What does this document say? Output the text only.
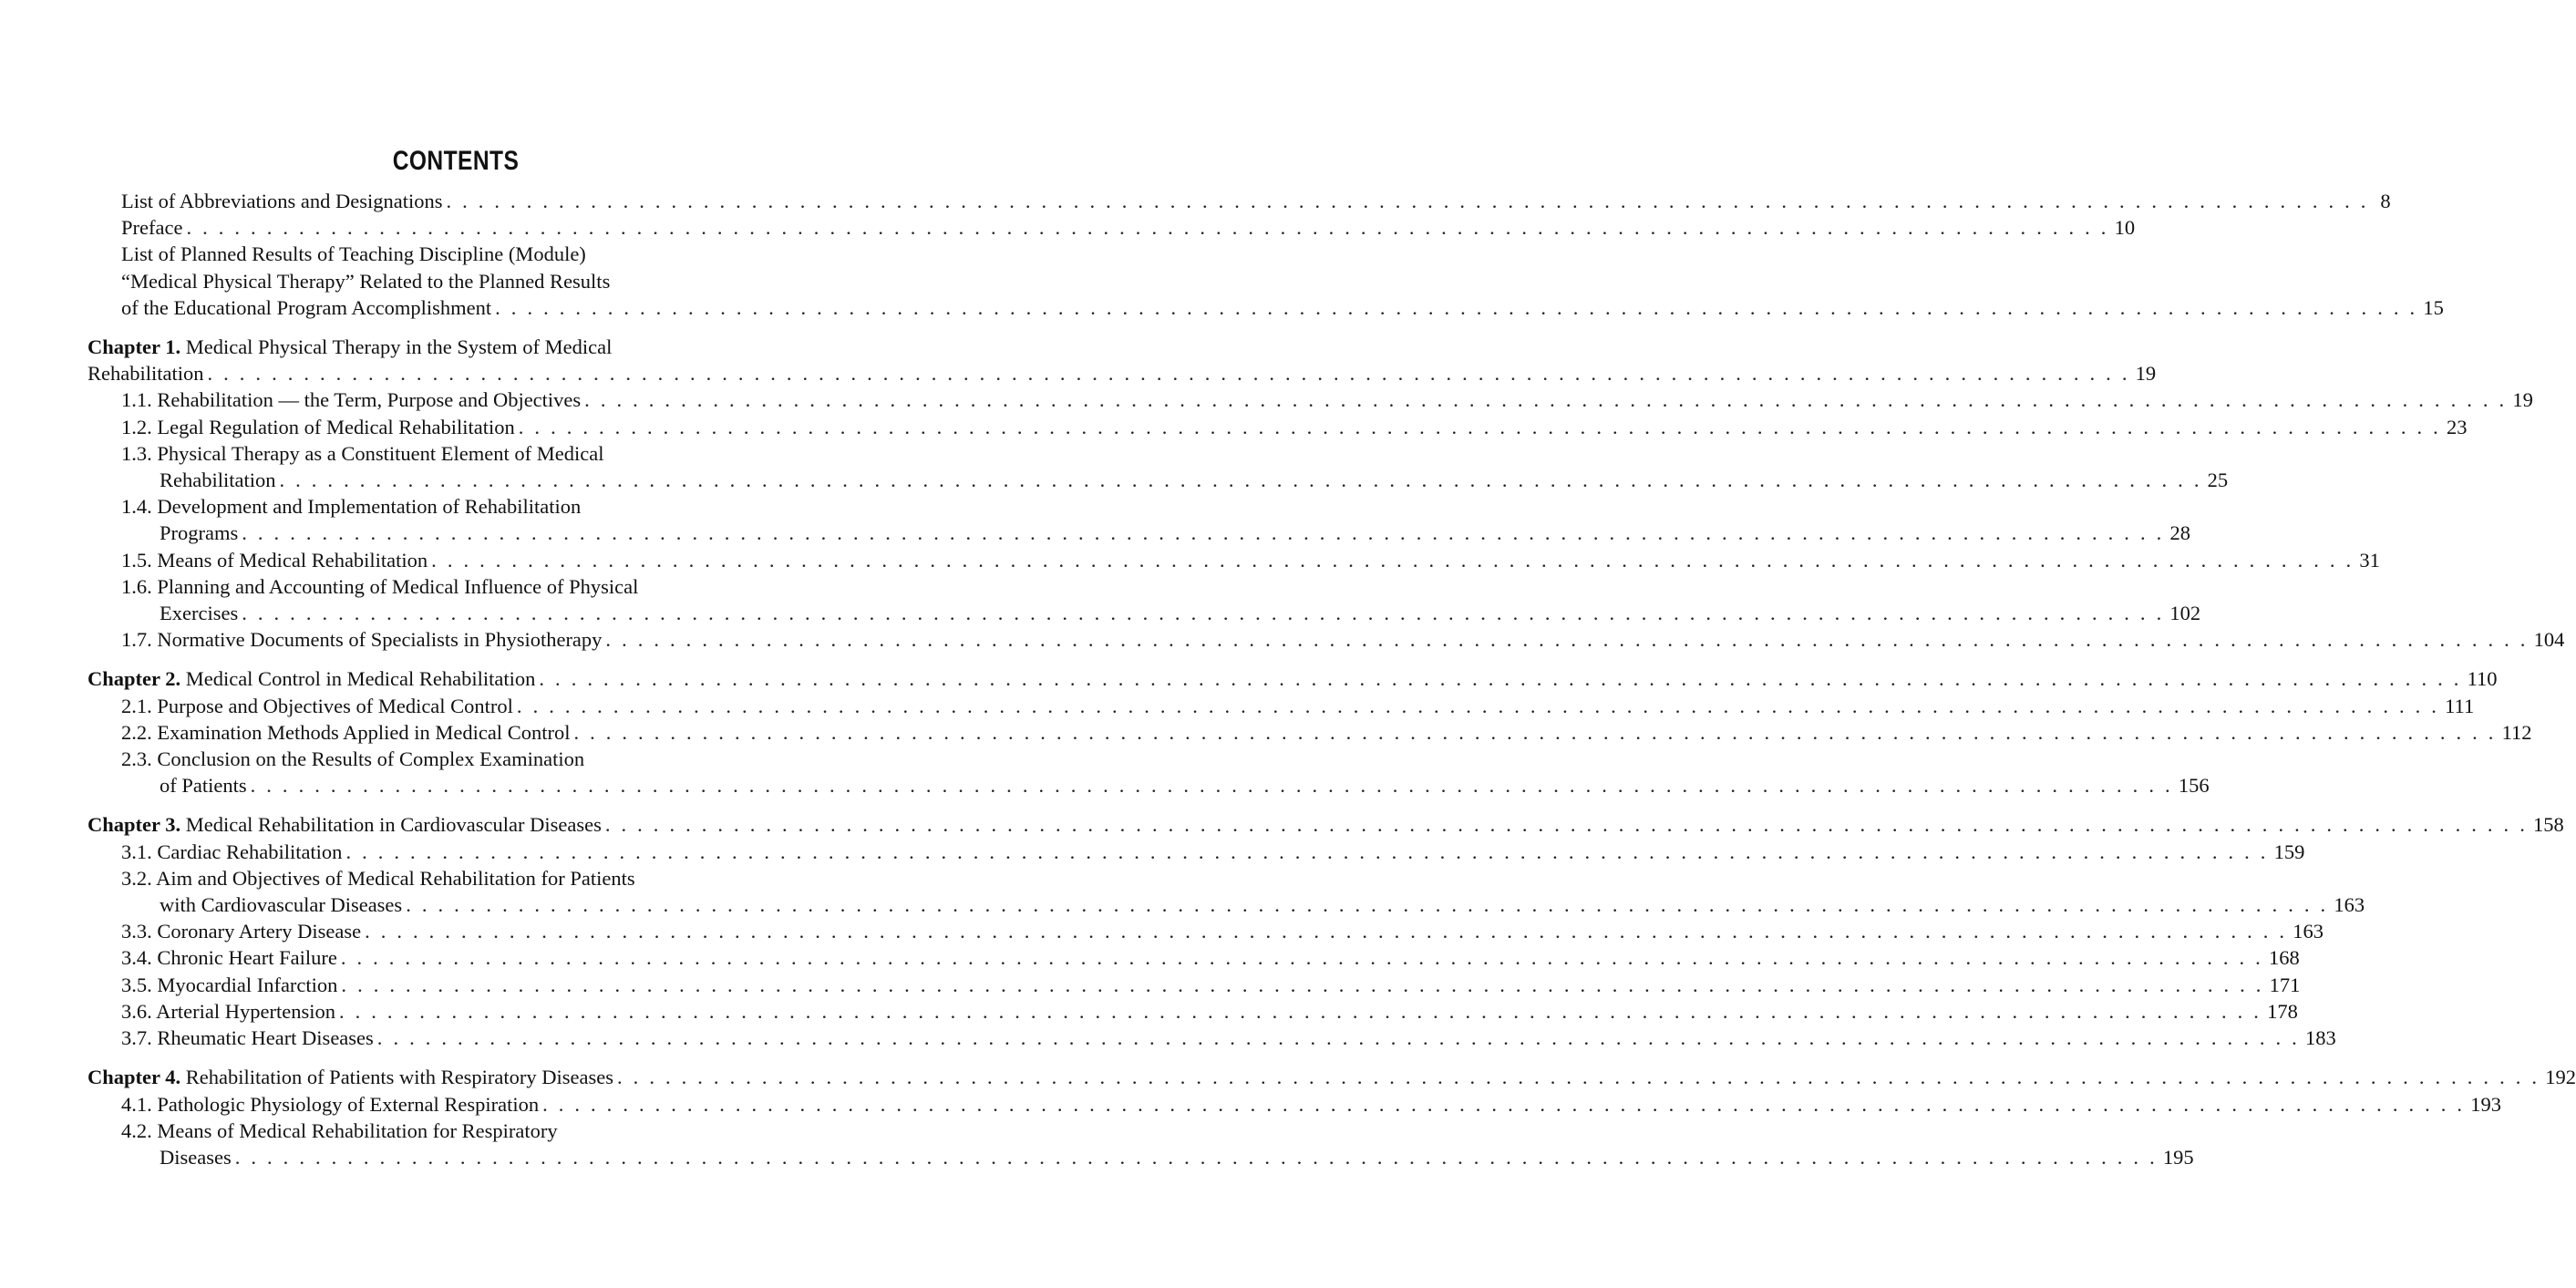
CONTENTS
List of Abbreviations and Designations . . . . . . . . . . . . . . . . . . . . . . . . . . . . . . . . . . . . . . . . . . . . . . . . . . . . . . . . . . . . . . . . . . . . . . . . . . . . . . . . . . . . . . . . . . . . . . . . . . . . . . . . . . . . . . . . . . . . . . . . 8
Preface . . . . . . . . . . . . . . . . . . . . . . . . . . . . . . . . . . . . . . . . . . . . . . . . . . . . . . . . . . . . . . . . . . . . . . . . . . . . . . . . . . . . . . . . . . . . . . . . . . . . . . . . . . . . . . . . . . . . . . . . 10
List of Planned Results of Teaching Discipline (Module)
“Medical Physical Therapy” Related to the Planned Results
of the Educational Program Accomplishment . . . . . . . . . . . . . . . . . . . . . . . . . . . . . . . . . . . . . . . . . . . . . . . . . . . . . . . . . . . . . . . . . . . . . . . . . . . . . . . . . . . . . . . . . . . . . . . . . . . . . . . . . . . . . . . . . . . . . . . . 15
Chapter 1. Medical Physical Therapy in the System of Medical
Rehabilitation . . . . . . . . . . . . . . . . . . . . . . . . . . . . . . . . . . . . . . . . . . . . . . . . . . . . . . . . . . . . . . . . . . . . . . . . . . . . . . . . . . . . . . . . . . . . . . . . . . . . . . . . . . . . . . . . . . . . . . . . 19
1.1. Rehabilitation — the Term, Purpose and Objectives . . . . . . . . . . . . . . . . . . . . . . . . . . . . . . . . . . . . . . . . . . . . . . . . . . . . . . . . . . . . . . . . . . . . . . . . . . . . . . . . . . . . . . . . . . . . . . . . . . . . . . . . . . . . . . . . . . . . . . . . 19
1.2. Legal Regulation of Medical Rehabilitation . . . . . . . . . . . . . . . . . . . . . . . . . . . . . . . . . . . . . . . . . . . . . . . . . . . . . . . . . . . . . . . . . . . . . . . . . . . . . . . . . . . . . . . . . . . . . . . . . . . . . . . . . . . . . . . . . . . . . . . . 23
1.3. Physical Therapy as a Constituent Element of Medical
Rehabilitation . . . . . . . . . . . . . . . . . . . . . . . . . . . . . . . . . . . . . . . . . . . . . . . . . . . . . . . . . . . . . . . . . . . . . . . . . . . . . . . . . . . . . . . . . . . . . . . . . . . . . . . . . . . . . . . . . . . . . . . . 25
1.4. Development and Implementation of Rehabilitation
Programs . . . . . . . . . . . . . . . . . . . . . . . . . . . . . . . . . . . . . . . . . . . . . . . . . . . . . . . . . . . . . . . . . . . . . . . . . . . . . . . . . . . . . . . . . . . . . . . . . . . . . . . . . . . . . . . . . . . . . . . . 28
1.5. Means of Medical Rehabilitation . . . . . . . . . . . . . . . . . . . . . . . . . . . . . . . . . . . . . . . . . . . . . . . . . . . . . . . . . . . . . . . . . . . . . . . . . . . . . . . . . . . . . . . . . . . . . . . . . . . . . . . . . . . . . . . . . . . . . . . . 31
1.6. Planning and Accounting of Medical Influence of Physical
Exercises . . . . . . . . . . . . . . . . . . . . . . . . . . . . . . . . . . . . . . . . . . . . . . . . . . . . . . . . . . . . . . . . . . . . . . . . . . . . . . . . . . . . . . . . . . . . . . . . . . . . . . . . . . . . . . . . . . . . . . . . 102
1.7. Normative Documents of Specialists in Physiotherapy . . . . . . . . . . . . . . . . . . . . . . . . . . . . . . . . . . . . . . . . . . . . . . . . . . . . . . . . . . . . . . . . . . . . . . . . . . . . . . . . . . . . . . . . . . . . . . . . . . . . . . . . . . . . . . . . . . . . . . . . 104
Chapter 2. Medical Control in Medical Rehabilitation . . . . . . . . . . . . . . . . . . . . . . . . . . . . . . . . . . . . . . . . . . . . . . . . . . . . . . . . . . . . . . . . . . . . . . . . . . . . . . . . . . . . . . . . . . . . . . . . . . . . . . . . . . . . . . . . . . . . . . . . 110
2.1. Purpose and Objectives of Medical Control . . . . . . . . . . . . . . . . . . . . . . . . . . . . . . . . . . . . . . . . . . . . . . . . . . . . . . . . . . . . . . . . . . . . . . . . . . . . . . . . . . . . . . . . . . . . . . . . . . . . . . . . . . . . . . . . . . . . . . . . 111
2.2. Examination Methods Applied in Medical Control . . . . . . . . . . . . . . . . . . . . . . . . . . . . . . . . . . . . . . . . . . . . . . . . . . . . . . . . . . . . . . . . . . . . . . . . . . . . . . . . . . . . . . . . . . . . . . . . . . . . . . . . . . . . . . . . . . . . . . . . 112
2.3. Conclusion on the Results of Complex Examination
of Patients . . . . . . . . . . . . . . . . . . . . . . . . . . . . . . . . . . . . . . . . . . . . . . . . . . . . . . . . . . . . . . . . . . . . . . . . . . . . . . . . . . . . . . . . . . . . . . . . . . . . . . . . . . . . . . . . . . . . . . . . 156
Chapter 3. Medical Rehabilitation in Cardiovascular Diseases . . . . . . . . . . . . . . . . . . . . . . . . . . . . . . . . . . . . . . . . . . . . . . . . . . . . . . . . . . . . . . . . . . . . . . . . . . . . . . . . . . . . . . . . . . . . . . . . . . . . . . . . . . . . . . . . . . . . . . . . 158
3.1. Cardiac Rehabilitation . . . . . . . . . . . . . . . . . . . . . . . . . . . . . . . . . . . . . . . . . . . . . . . . . . . . . . . . . . . . . . . . . . . . . . . . . . . . . . . . . . . . . . . . . . . . . . . . . . . . . . . . . . . . . . . . . . . . . . . . 159
3.2. Aim and Objectives of Medical Rehabilitation for Patients
with Cardiovascular Diseases . . . . . . . . . . . . . . . . . . . . . . . . . . . . . . . . . . . . . . . . . . . . . . . . . . . . . . . . . . . . . . . . . . . . . . . . . . . . . . . . . . . . . . . . . . . . . . . . . . . . . . . . . . . . . . . . . . . . . . . . 163
3.3. Coronary Artery Disease . . . . . . . . . . . . . . . . . . . . . . . . . . . . . . . . . . . . . . . . . . . . . . . . . . . . . . . . . . . . . . . . . . . . . . . . . . . . . . . . . . . . . . . . . . . . . . . . . . . . . . . . . . . . . . . . . . . . . . . . 163
3.4. Chronic Heart Failure . . . . . . . . . . . . . . . . . . . . . . . . . . . . . . . . . . . . . . . . . . . . . . . . . . . . . . . . . . . . . . . . . . . . . . . . . . . . . . . . . . . . . . . . . . . . . . . . . . . . . . . . . . . . . . . . . . . . . . . . 168
3.5. Myocardial Infarction . . . . . . . . . . . . . . . . . . . . . . . . . . . . . . . . . . . . . . . . . . . . . . . . . . . . . . . . . . . . . . . . . . . . . . . . . . . . . . . . . . . . . . . . . . . . . . . . . . . . . . . . . . . . . . . . . . . . . . . . 171
3.6. Arterial Hypertension . . . . . . . . . . . . . . . . . . . . . . . . . . . . . . . . . . . . . . . . . . . . . . . . . . . . . . . . . . . . . . . . . . . . . . . . . . . . . . . . . . . . . . . . . . . . . . . . . . . . . . . . . . . . . . . . . . . . . . . . 178
3.7. Rheumatic Heart Diseases . . . . . . . . . . . . . . . . . . . . . . . . . . . . . . . . . . . . . . . . . . . . . . . . . . . . . . . . . . . . . . . . . . . . . . . . . . . . . . . . . . . . . . . . . . . . . . . . . . . . . . . . . . . . . . . . . . . . . . . . 183
Chapter 4. Rehabilitation of Patients with Respiratory Diseases . . . . . . . . . . . . . . . . . . . . . . . . . . . . . . . . . . . . . . . . . . . . . . . . . . . . . . . . . . . . . . . . . . . . . . . . . . . . . . . . . . . . . . . . . . . . . . . . . . . . . . . . . . . . . . . . . . . . . . . . 192
4.1. Pathologic Physiology of External Respiration . . . . . . . . . . . . . . . . . . . . . . . . . . . . . . . . . . . . . . . . . . . . . . . . . . . . . . . . . . . . . . . . . . . . . . . . . . . . . . . . . . . . . . . . . . . . . . . . . . . . . . . . . . . . . . . . . . . . . . . . 193
4.2. Means of Medical Rehabilitation for Respiratory
Diseases . . . . . . . . . . . . . . . . . . . . . . . . . . . . . . . . . . . . . . . . . . . . . . . . . . . . . . . . . . . . . . . . . . . . . . . . . . . . . . . . . . . . . . . . . . . . . . . . . . . . . . . . . . . . . . . . . . . . . . . . 195
